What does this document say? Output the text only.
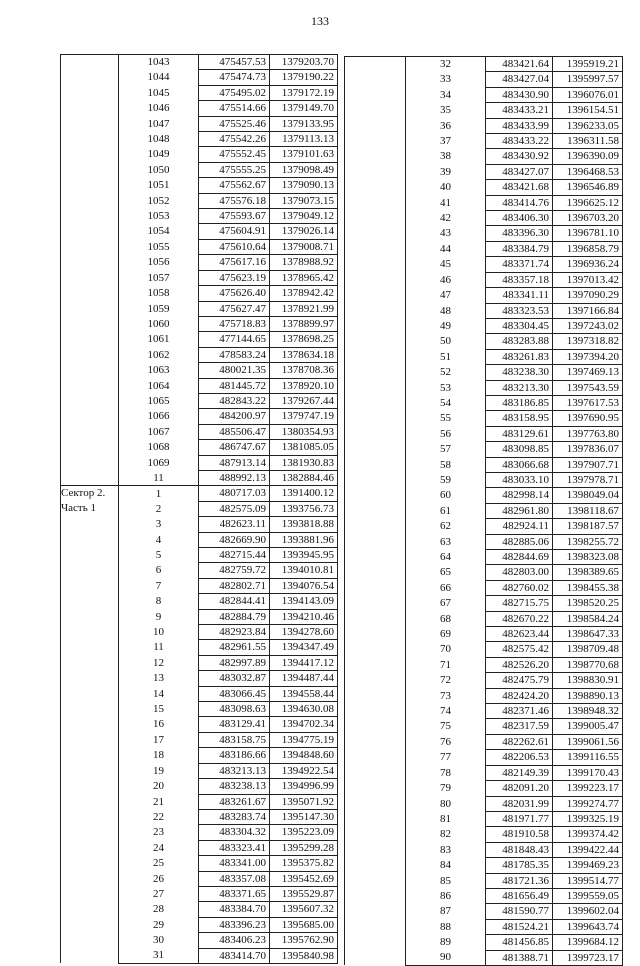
133
	1043	475457.53	1379203.70
	1044	475474.73	1379190.22
	1045	475495.02	1379172.19
	1046	475514.66	1379149.70
	1047	475525.46	1379133.95
	1048	475542.26	1379113.13
	1049	475552.45	1379101.63
	1050	475555.25	1379098.49
	1051	475562.67	1379090.13
	1052	475576.18	1379073.15
	1053	475593.67	1379049.12
	1054	475604.91	1379026.14
	1055	475610.64	1379008.71
	1056	475617.16	1378988.92
	1057	475623.19	1378965.42
	1058	475626.40	1378942.42
	1059	475627.47	1378921.99
	1060	475718.83	1378899.97
	1061	477144.65	1378698.25
	1062	478583.24	1378634.18
	1063	480021.35	1378708.36
	1064	481445.72	1378920.10
	1065	482843.22	1379267.44
	1066	484200.97	1379747.19
	1067	485506.47	1380354.93
	1068	486747.67	1381085.05
	1069	487913.14	1381930.83
	11	488992.13	1382884.46

Сектор 2.
Часть 1	1	480717.03	1391400.12
	2	482575.09	1393756.73
	3	482623.11	1393818.88
	4	482669.90	1393881.96
	5	482715.44	1393945.95
	6	482759.72	1394010.81
	7	482802.71	1394076.54
	8	482844.41	1394143.09
	9	482884.79	1394210.46
	10	482923.84	1394278.60
	11	482961.55	1394347.49
	12	482997.89	1394417.12
	13	483032.87	1394487.44
	14	483066.45	1394558.44
	15	483098.63	1394630.08
	16	483129.41	1394702.34
	17	483158.75	1394775.19
	18	483186.66	1394848.60
	19	483213.13	1394922.54
	20	483238.13	1394996.99
	21	483261.67	1395071.92
	22	483283.74	1395147.30
	23	483304.32	1395223.09
	24	483323.41	1395299.28
	25	483341.00	1395375.82
	26	483357.08	1395452.69
	27	483371.65	1395529.87
	28	483384.70	1395607.32
	29	483396.23	1395685.00
	30	483406.23	1395762.90
	31	483414.70	1395840.98
	32	483421.64	1395919.21
	33	483427.04	1395997.57
	34	483430.90	1396076.01
	35	483433.21	1396154.51
	36	483433.99	1396233.05
	37	483433.22	1396311.58
	38	483430.92	1396390.09
	39	483427.07	1396468.53
	40	483421.68	1396546.89
	41	483414.76	1396625.12
	42	483406.30	1396703.20
	43	483396.30	1396781.10
	44	483384.79	1396858.79
	45	483371.74	1396936.24
	46	483357.18	1397013.42
	47	483341.11	1397090.29
	48	483323.53	1397166.84
	49	483304.45	1397243.02
	50	483283.88	1397318.82
	51	483261.83	1397394.20
	52	483238.30	1397469.13
	53	483213.30	1397543.59
	54	483186.85	1397617.53
	55	483158.95	1397690.95
	56	483129.61	1397763.80
	57	483098.85	1397836.07
	58	483066.68	1397907.71
	59	483033.10	1397978.71
	60	482998.14	1398049.04
	61	482961.80	1398118.67
	62	482924.11	1398187.57
	63	482885.06	1398255.72
	64	482844.69	1398323.08
	65	482803.00	1398389.65
	66	482760.02	1398455.38
	67	482715.75	1398520.25
	68	482670.22	1398584.24
	69	482623.44	1398647.33
	70	482575.42	1398709.48
	71	482526.20	1398770.68
	72	482475.79	1398830.91
	73	482424.20	1398890.13
	74	482371.46	1398948.32
	75	482317.59	1399005.47
	76	482262.61	1399061.56
	77	482206.53	1399116.55
	78	482149.39	1399170.43
	79	482091.20	1399223.17
	80	482031.99	1399274.77
	81	481971.77	1399325.19
	82	481910.58	1399374.42
	83	481848.43	1399422.44
	84	481785.35	1399469.23
	85	481721.36	1399514.77
	86	481656.49	1399559.05
	87	481590.77	1399602.04
	88	481524.21	1399643.74
	89	481456.85	1399684.12
	90	481388.71	1399723.17
